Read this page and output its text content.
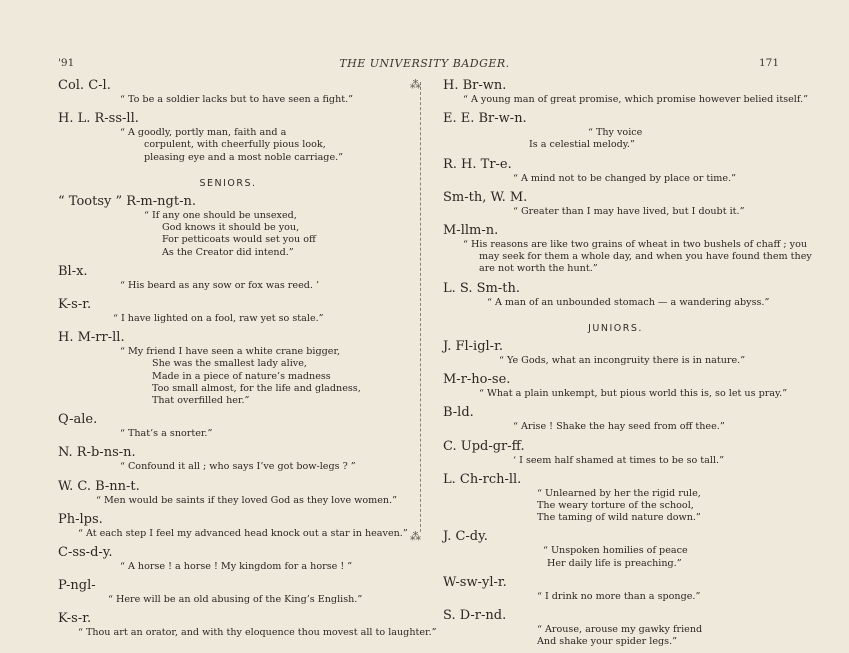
'91	THE UNIVERSITY BADGER.	171
⁂
⁂
Col. C-l.
“ To be a soldier lacks but to have seen a fight.”
H. L. R-ss-ll.
“ A goodly, portly man, faith and a
corpulent, with cheerfully pious look,
pleasing eye and a most noble carriage.”
SENIORS.
“ Tootsy ” R-m-ngt-n.
“ If any one should be unsexed,
God knows it should be you,
For petticoats would set you off
As the Creator did intend.”
Bl-x.
“ His beard as any sow or fox was reed. ’
K-s-r.
“ I have lighted on a fool, raw yet so stale.”
H. M-rr-ll.
“ My friend I have seen a white crane bigger,
She was the smallest lady alive,
Made in a piece of nature’s madness
Too small almost, for the life and gladness,
That overfilled her.”
Q-ale.
“ That’s a snorter.”
N. R-b-ns-n.
“ Confound it all ; who says I’ve got bow-legs ? ”
W. C. B-nn-t.
“ Men would be saints if they loved God as they love women.”
Ph-lps.
“ At each step I feel my advanced head knock out a star in heaven.”
C-ss-d-y.
“ A horse ! a horse ! My kingdom for a horse ! ”
P-ngl-
“ Here will be an old abusing of the King’s English.”
K-s-r.
“ Thou art an orator, and with thy eloquence thou movest all to laughter.”
H. Br-wn.
“ A young man of great promise, which promise however belied itself.”
E. E. Br-w-n.
“ Thy voice
Is a celestial melody.”
R. H. Tr-e.
“ A mind not to be changed by place or time.”
Sm-th, W. M.
“ Greater than I may have lived, but I doubt it.”
M-llm-n.
“ His reasons are like two grains of wheat in two bushels of chaff ; you
may seek for them a whole day, and when you have found them they
are not worth the hunt.”
L. S. Sm-th.
“ A man of an unbounded stomach — a wandering abyss.”
JUNIORS.
J. Fl-igl-r.
“ Ye Gods, what an incongruity there is in nature.”
M-r-ho-se.
“ What a plain unkempt, but pious world this is, so let us pray.”
B-ld.
“ Arise ! Shake the hay seed from off thee.”
C. Upd-gr-ff.
‘ I seem half shamed at times to be so tall.”
L. Ch-rch-ll.
“ Unlearned by her the rigid rule,
The weary torture of the school,
The taming of wild nature down.”
J. C-dy.
“ Unspoken homilies of peace
Her daily life is preaching.”
W-sw-yl-r.
“ I drink no more than a sponge.”
S. D-r-nd.
“ Arouse, arouse my gawky friend
And shake your spider legs.”
